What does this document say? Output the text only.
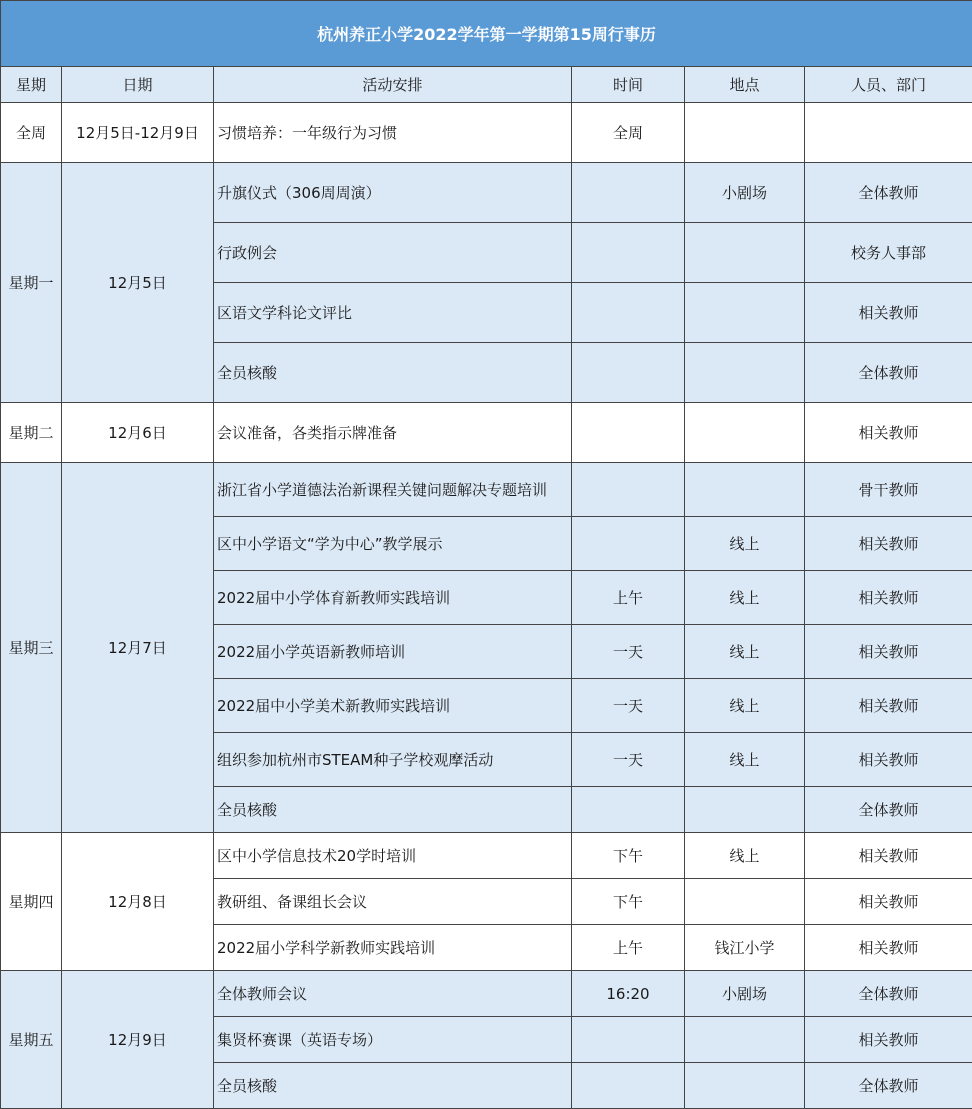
杭州养正小学2022学年第一学期第15周行事历					
星期	日期	活动安排	时间	地点	人员、部门
全周	12月5日-12月9日	习惯培养：一年级行为习惯	全周		
星期一	12月5日	升旗仪式（306周周演）		小剧场	全体教师
		行政例会			校务人事部
		区语文学科论文评比			相关教师
		全员核酸			全体教师
星期二	12月6日	会议准备，各类指示牌准备			相关教师
星期三	12月7日	浙江省小学道德法治新课程关键问题解决专题培训			骨干教师
		区中小学语文“学为中心”教学展示		线上	相关教师
		2022届中小学体育新教师实践培训	上午	线上	相关教师
		2022届小学英语新教师培训	一天	线上	相关教师
		2022届中小学美术新教师实践培训	一天	线上	相关教师
		组织参加杭州市STEAM种子学校观摩活动	一天	线上	相关教师
		全员核酸			全体教师
星期四	12月8日	区中小学信息技术20学时培训	下午	线上	相关教师
		教研组、备课组长会议	下午		相关教师
		2022届小学科学新教师实践培训	上午	钱江小学	相关教师
星期五	12月9日	全体教师会议	16:20	小剧场	全体教师
		集贤杯赛课（英语专场）			相关教师
		全员核酸			全体教师
